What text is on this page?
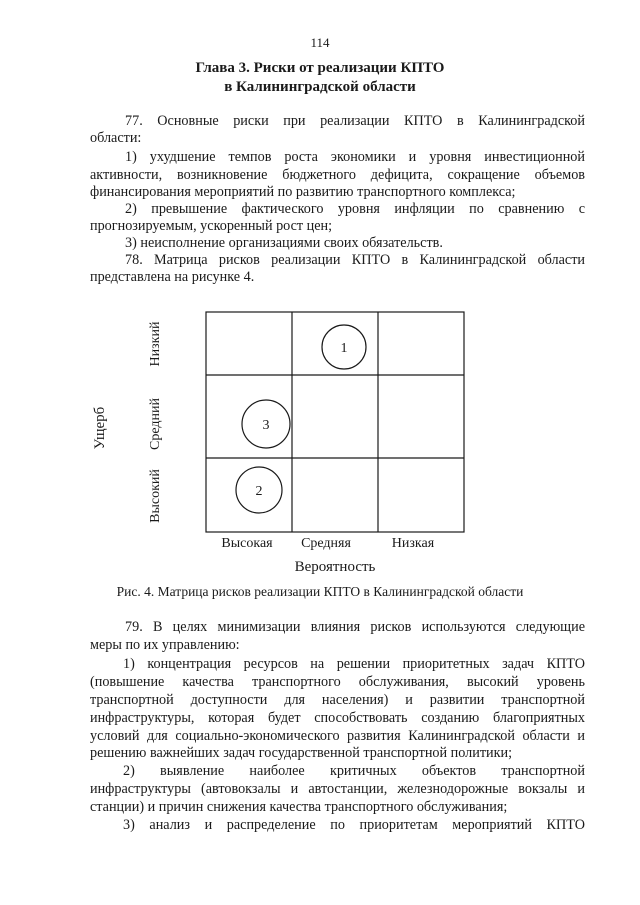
114
Глава 3. Риски от реализации КПТО
в Калининградской области
77. Основные риски при реализации КПТО в Калининградской
области:
1) ухудшение темпов роста экономики и уровня инвестиционной
активности, возникновение бюджетного дефицита, сокращение объемов
финансирования мероприятий по развитию транспортного комплекса;
2) превышение фактического уровня инфляции по сравнению с
прогнозируемым, ускоренный рост цен;
3) неисполнение организациями своих обязательств.
78. Матрица рисков реализации КПТО в Калининградской области
представлена на рисунке 4.
1
3
2
Низкий
Средний
Высокий
Ущерб
Высокая Средняя	Низкая
Вероятность
Рис. 4. Матрица рисков реализации КПТО в Калининградской области
79. В целях минимизации влияния рисков используются следующие
меры по их управлению:
1) концентрация ресурсов на решении приоритетных задач КПТО
(повышение качества транспортного обслуживания, высокий уровень
транспортной доступности для населения) и развитии транспортной
инфраструктуры, которая будет способствовать созданию благоприятных
условий для социально-экономического развития Калининградской области и
решению важнейших задач государственной транспортной политики;
2) выявление наиболее критичных объектов транспортной
инфраструктуры (автовокзалы и автостанции, железнодорожные вокзалы и
станции) и причин снижения качества транспортного обслуживания;
3) анализ и распределение по приоритетам мероприятий КПТО
